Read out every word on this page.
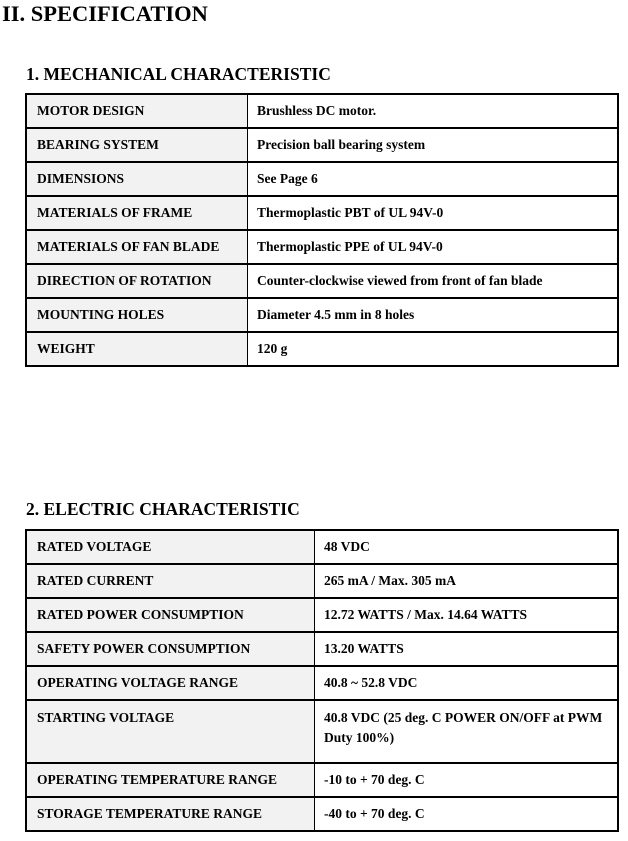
II. SPECIFICATION
1. MECHANICAL CHARACTERISTIC
MOTOR DESIGN	Brushless DC motor.
BEARING SYSTEM	Precision ball bearing system
DIMENSIONS	See Page 6
MATERIALS OF FRAME	Thermoplastic PBT of UL 94V-0
MATERIALS OF FAN BLADE	Thermoplastic PPE of UL 94V-0
DIRECTION OF ROTATION	Counter-clockwise viewed from front of fan blade
MOUNTING HOLES	Diameter 4.5 mm in 8 holes
WEIGHT	120 g
2. ELECTRIC CHARACTERISTIC
RATED VOLTAGE	48 VDC
RATED CURRENT	265 mA / Max. 305 mA
RATED POWER CONSUMPTION	12.72 WATTS / Max. 14.64 WATTS
SAFETY POWER CONSUMPTION	13.20 WATTS
OPERATING VOLTAGE RANGE	40.8 ~ 52.8 VDC
STARTING VOLTAGE	40.8 VDC (25 deg. C POWER ON/OFF at PWM Duty 100%)
OPERATING TEMPERATURE RANGE	-10 to + 70 deg. C
STORAGE TEMPERATURE RANGE	-40 to + 70 deg. C
